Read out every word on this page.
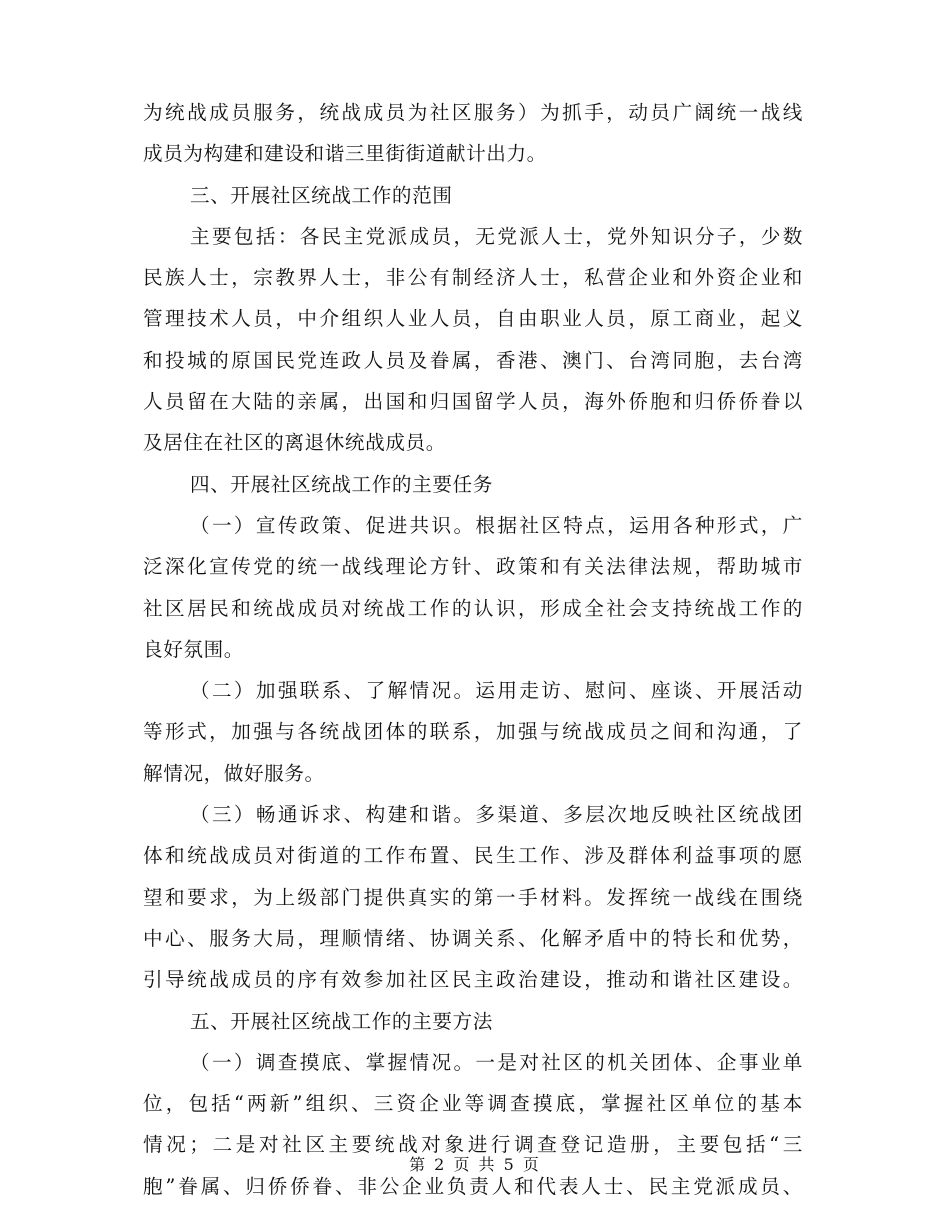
为统战成员服务，统战成员为社区服务）为抓手，动员广阔统一战线
成员为构建和建设和谐三里街街道献计出力。
三、开展社区统战工作的范围
主要包括：各民主党派成员，无党派人士，党外知识分子，少数
民族人士，宗教界人士，非公有制经济人士，私营企业和外资企业和
管理技术人员，中介组织人业人员，自由职业人员，原工商业，起义
和投城的原国民党连政人员及眷属，香港、澳门、台湾同胞，去台湾
人员留在大陆的亲属，出国和归国留学人员，海外侨胞和归侨侨眷以
及居住在社区的离退休统战成员。
四、开展社区统战工作的主要任务
（一）宣传政策、促进共识。根据社区特点，运用各种形式，广
泛深化宣传党的统一战线理论方针、政策和有关法律法规，帮助城市
社区居民和统战成员对统战工作的认识，形成全社会支持统战工作的
良好氛围。
（二）加强联系、了解情况。运用走访、慰问、座谈、开展活动
等形式，加强与各统战团体的联系，加强与统战成员之间和沟通，了
解情况，做好服务。
（三）畅通诉求、构建和谐。多渠道、多层次地反映社区统战团
体和统战成员对街道的工作布置、民生工作、涉及群体利益事项的愿
望和要求，为上级部门提供真实的第一手材料。发挥统一战线在围绕
中心、服务大局，理顺情绪、协调关系、化解矛盾中的特长和优势，
引导统战成员的序有效参加社区民主政治建设，推动和谐社区建设。
五、开展社区统战工作的主要方法
（一）调查摸底、掌握情况。一是对社区的机关团体、企事业单
位，包括“两新”组织、三资企业等调查摸底，掌握社区单位的基本
情况；二是对社区主要统战对象进行调查登记造册，主要包括“三
胞”眷属、归侨侨眷、非公企业负责人和代表人士、民主党派成员、
第 2 页 共 5 页
